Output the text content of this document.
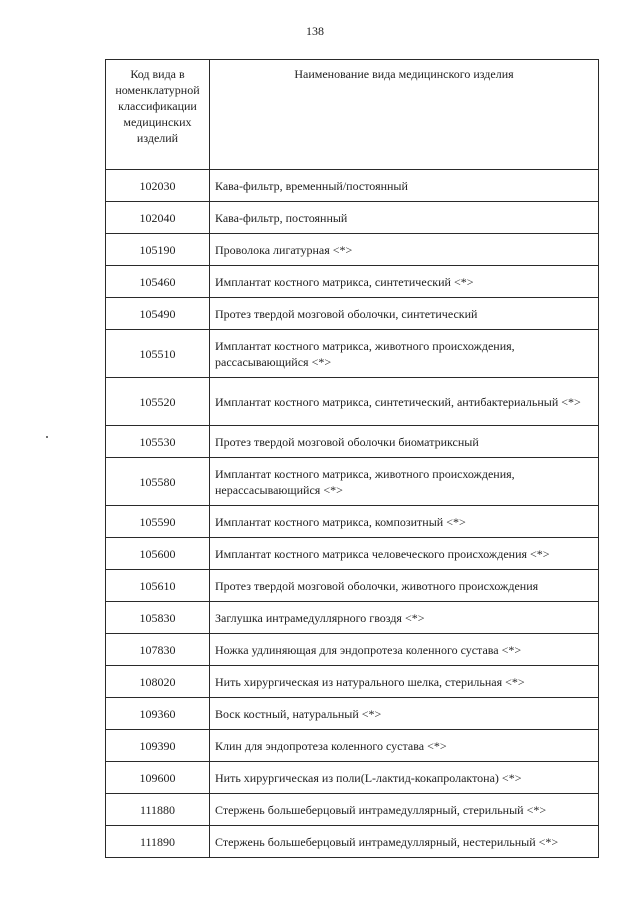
138
Код вида в номенклатурной классификации медицинских изделий	Наименование вида медицинского изделия
102030	Кава-фильтр, временный/постоянный
102040	Кава-фильтр, постоянный
105190	Проволока лигатурная <*>
105460	Имплантат костного матрикса, синтетический <*>
105490	Протез твердой мозговой оболочки, синтетический
105510	Имплантат костного матрикса, животного происхождения, рассасывающийся <*>
105520	Имплантат костного матрикса, синтетический, антибактериальный <*>
105530	Протез твердой мозговой оболочки биоматриксный
105580	Имплантат костного матрикса, животного происхождения, нерассасывающийся <*>
105590	Имплантат костного матрикса, композитный <*>
105600	Имплантат костного матрикса человеческого происхождения <*>
105610	Протез твердой мозговой оболочки, животного происхождения
105830	Заглушка интрамедуллярного гвоздя <*>
107830	Ножка удлиняющая для эндопротеза коленного сустава <*>
108020	Нить хирургическая из натурального шелка, стерильная <*>
109360	Воск костный, натуральный <*>
109390	Клин для эндопротеза коленного сустава <*>
109600	Нить хирургическая из поли(L-лактид-кокапролактона) <*>
111880	Стержень большеберцовый интрамедуллярный, стерильный <*>
111890	Стержень большеберцовый интрамедуллярный, нестерильный <*>
